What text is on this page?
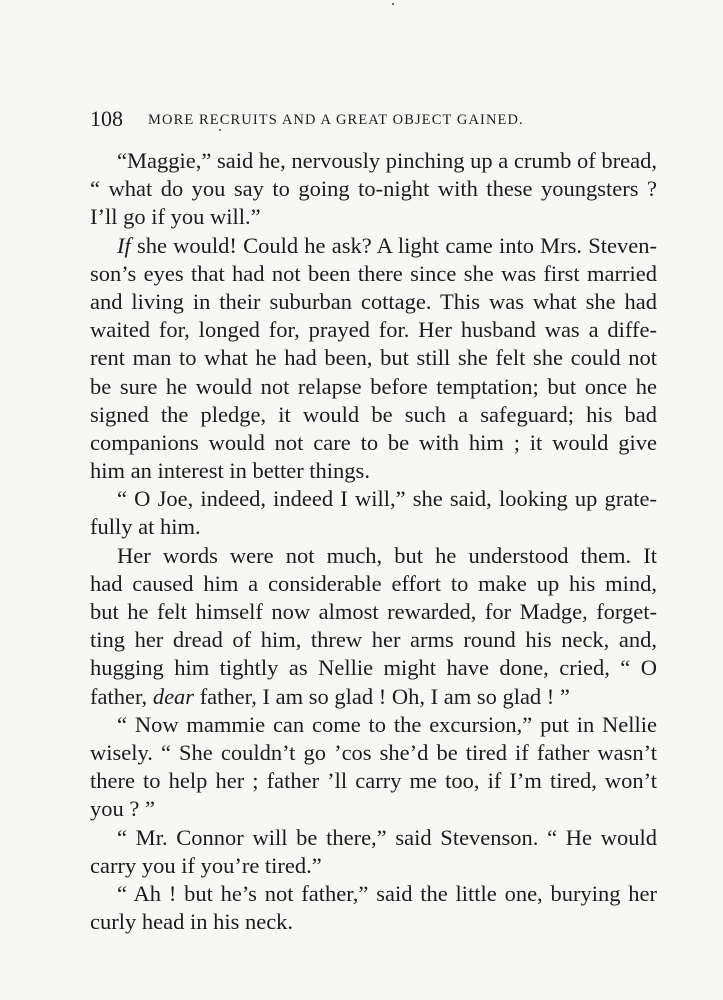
108 MORE RECRUITS AND A GREAT OBJECT GAINED.
“Maggie,” said he, nervously pinching up a crumb of bread,
“ what do you say to going to-night with these youngsters ?
I’ll go if you will.”
If she would! Could he ask? A light came into Mrs. Steven-
son’s eyes that had not been there since she was first married
and living in their suburban cottage. This was what she had
waited for, longed for, prayed for. Her husband was a diffe-
rent man to what he had been, but still she felt she could not
be sure he would not relapse before temptation; but once he
signed the pledge, it would be such a safeguard; his bad
companions would not care to be with him ; it would give
him an interest in better things.
“ O Joe, indeed, indeed I will,” she said, looking up grate-
fully at him.
Her words were not much, but he understood them. It
had caused him a considerable effort to make up his mind,
but he felt himself now almost rewarded, for Madge, forget-
ting her dread of him, threw her arms round his neck, and,
hugging him tightly as Nellie might have done, cried, “ O
father, dear father, I am so glad ! Oh, I am so glad ! ”
“ Now mammie can come to the excursion,” put in Nellie
wisely. “ She couldn’t go ’cos she’d be tired if father wasn’t
there to help her ; father ’ll carry me too, if I’m tired, won’t
you ? ”
“ Mr. Connor will be there,” said Stevenson. “ He would
carry you if you’re tired.”
“ Ah ! but he’s not father,” said the little one, burying her
curly head in his neck.
